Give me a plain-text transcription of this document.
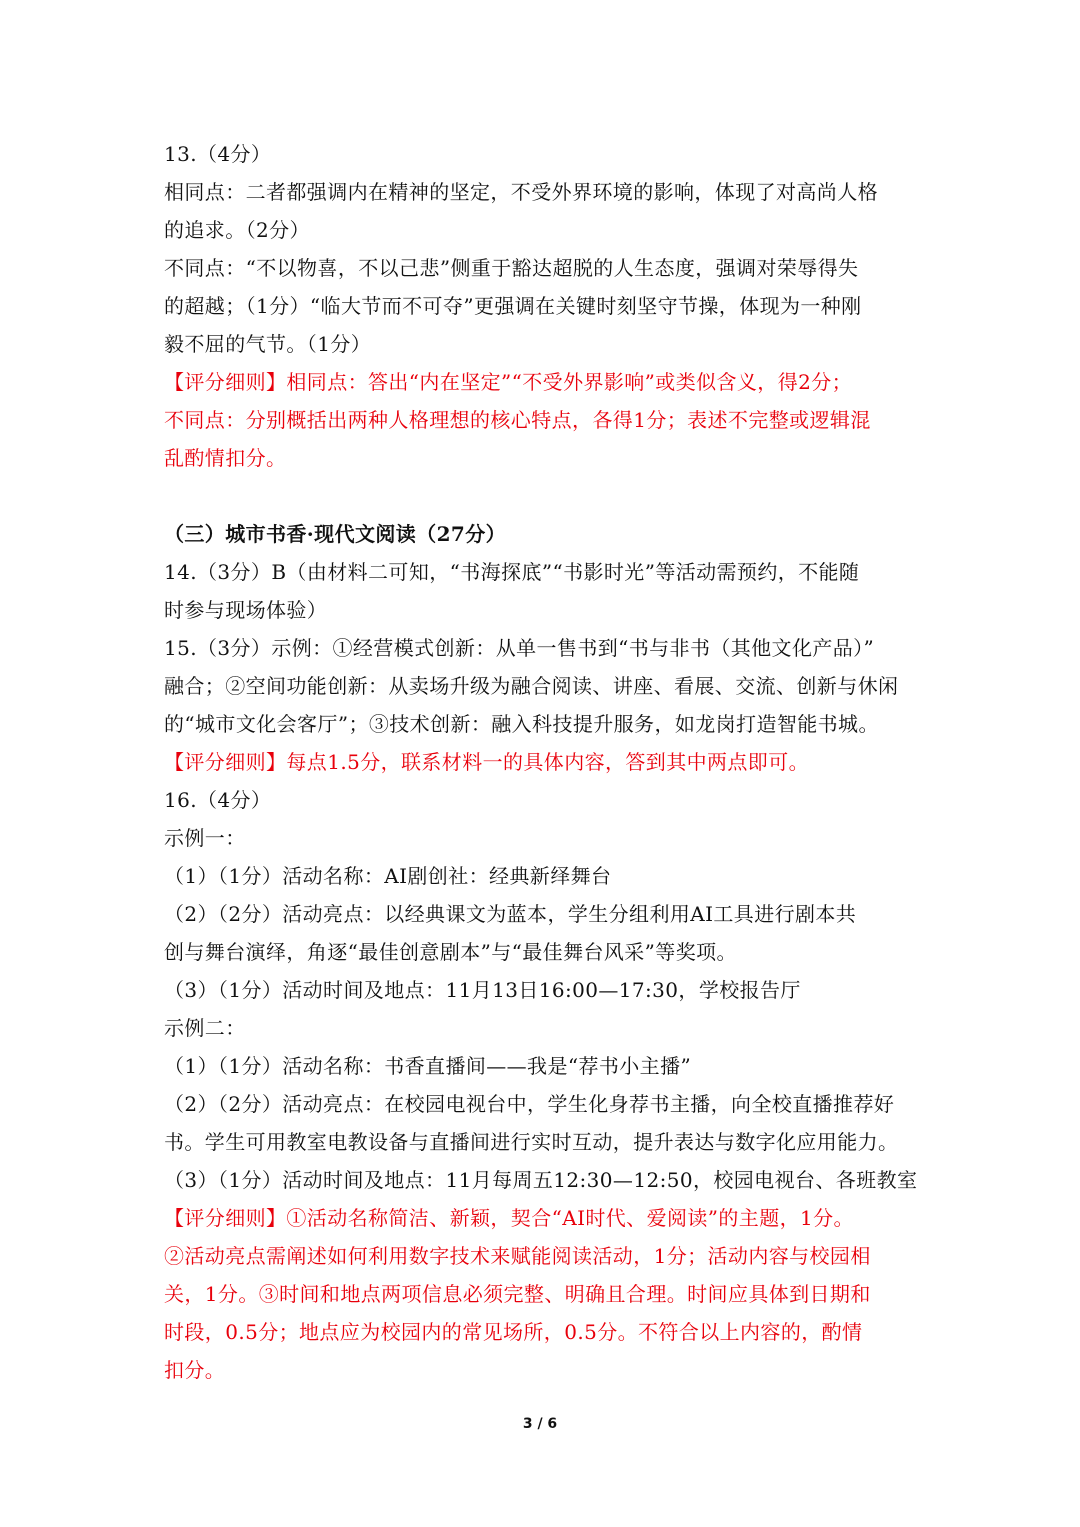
13.（4分）
相同点：二者都强调内在精神的坚定，不受外界环境的影响，体现了对高尚人格
的追求。（2分）
不同点：“不以物喜，不以己悲”侧重于豁达超脱的人生态度，强调对荣辱得失
的超越；（1分）“临大节而不可夺”更强调在关键时刻坚守节操，体现为一种刚
毅不屈的气节。（1分）
【评分细则】相同点：答出“内在坚定”“不受外界影响”或类似含义，得2分；
不同点：分别概括出两种人格理想的核心特点，各得1分；表述不完整或逻辑混
乱酌情扣分。
（三）城市书香·现代文阅读（27分）
14.（3分）B（由材料二可知，“书海探底”“书影时光”等活动需预约，不能随
时参与现场体验）
15.（3分）示例：①经营模式创新：从单一售书到“书与非书（其他文化产品）”
融合；②空间功能创新：从卖场升级为融合阅读、讲座、看展、交流、创新与休闲
的“城市文化会客厅”；③技术创新：融入科技提升服务，如龙岗打造智能书城。
【评分细则】每点1.5分，联系材料一的具体内容，答到其中两点即可。
16.（4分）
示例一：
（1）（1分）活动名称：AI剧创社：经典新绎舞台
（2）（2分）活动亮点：以经典课文为蓝本，学生分组利用AI工具进行剧本共
创与舞台演绎，角逐“最佳创意剧本”与“最佳舞台风采”等奖项。
（3）（1分）活动时间及地点：11月13日16:00—17:30，学校报告厅
示例二：
（1）（1分）活动名称：书香直播间——我是“荐书小主播”
（2）（2分）活动亮点：在校园电视台中，学生化身荐书主播，向全校直播推荐好
书。学生可用教室电教设备与直播间进行实时互动，提升表达与数字化应用能力。
（3）（1分）活动时间及地点：11月每周五12:30—12:50，校园电视台、各班教室
【评分细则】①活动名称简洁、新颖，契合“AI时代、爱阅读”的主题，1分。
②活动亮点需阐述如何利用数字技术来赋能阅读活动，1分；活动内容与校园相
关，1分。③时间和地点两项信息必须完整、明确且合理。时间应具体到日期和
时段，0.5分；地点应为校园内的常见场所，0.5分。不符合以上内容的，酌情
扣分。
3 / 6
